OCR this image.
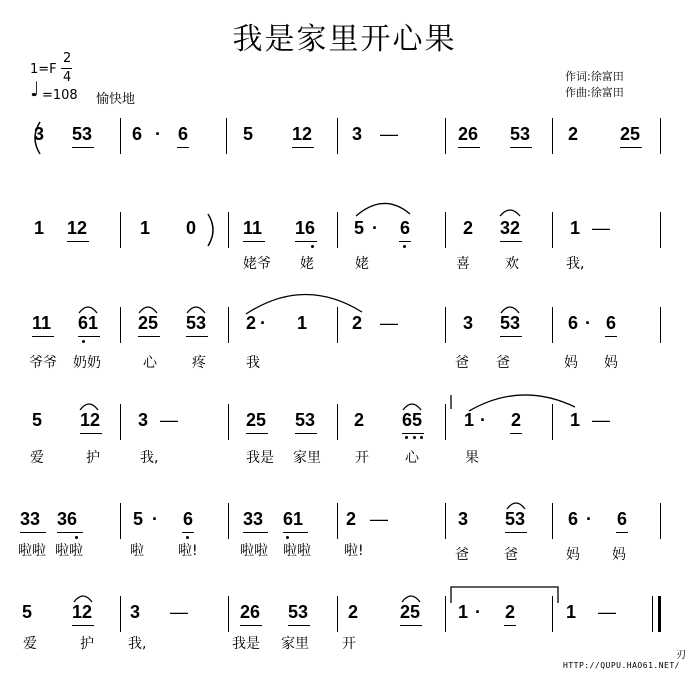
我是家里开心果
1=F
2
4
♩ =108 愉快地
作词:徐富田
作曲:徐富田
3 53 6 · 6	5 12 3 —	26 53 2 25
1 12	1 0	11 16 5 · 6	2 32	1 —
姥爷 姥	姥	喜	欢	我,
11 61 25 53 2 · 1 2 —	3 53	6 · 6
爷爷 奶奶	心	疼	我	爸 爸	妈 妈
5 12 3 —	25 53 2 65 1 · 2	1 —
爱	护	我,	我是 家里 开	心	果
33 36	5 · 6	33 61 2 —	3 53 6 · 6
啦啦 啦啦	啦 啦!	啦啦 啦啦 啦!	爸	爸	妈 妈
5 12 3 —	26 53 2 25 1 · 2	1 —
爱	护 我,	我是 家里 开
刃
HTTP://QUPU.HAO61.NET/
